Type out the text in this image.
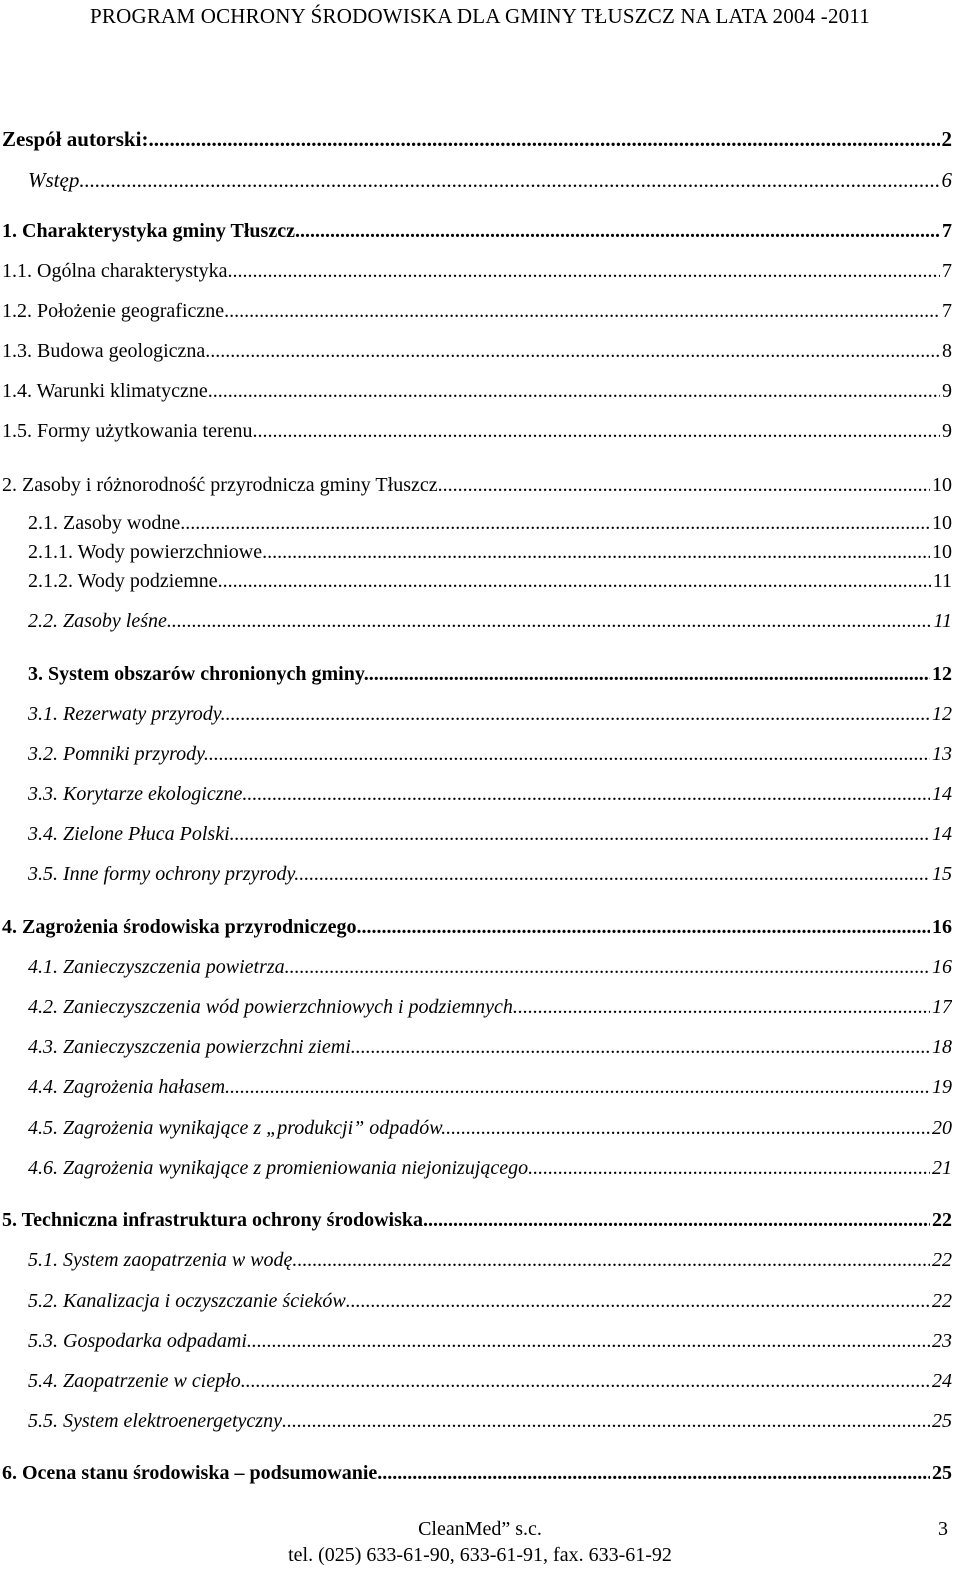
PROGRAM OCHRONY ŚRODOWISKA DLA GMINY TŁUSZCZ NA LATA 2004 -2011
Zespół autorski: .....	2
Wstęp .....	6
1. Charakterystyka gminy Tłuszcz. .....	7
1.1. Ogólna charakterystyka. .....	7
1.2. Położenie geograficzne. .....	7
1.3. Budowa geologiczna .....	8
1.4. Warunki klimatyczne. .....	9
1.5. Formy użytkowania terenu .....	9
2. Zasoby i różnorodność przyrodnicza gminy Tłuszcz. .....	10
2.1. Zasoby wodne. .....	10
2.1.1. Wody powierzchniowe. .....	10
2.1.2. Wody podziemne. .....	11
2.2. Zasoby leśne. .....	11
3. System obszarów chronionych gminy. .....	12
3.1. Rezerwaty przyrody. .....	12
3.2. Pomniki przyrody. .....	13
3.3. Korytarze ekologiczne. .....	14
3.4. Zielone Płuca Polski. .....	14
3.5. Inne formy ochrony przyrody. .....	15
4. Zagrożenia środowiska przyrodniczego. .....	16
4.1. Zanieczyszczenia powietrza. .....	16
4.2. Zanieczyszczenia wód powierzchniowych i podziemnych. .....	17
4.3. Zanieczyszczenia powierzchni ziemi. .....	18
4.4. Zagrożenia hałasem .....	19
4.5. Zagrożenia wynikające z „produkcji” odpadów. .....	20
4.6. Zagrożenia wynikające z promieniowania niejonizującego. .....	21
5. Techniczna infrastruktura ochrony środowiska. .....	22
5.1. System zaopatrzenia w wodę. .....	22
5.2. Kanalizacja i oczyszczanie ścieków .....	22
5.3. Gospodarka odpadami. .....	23
5.4. Zaopatrzenie w ciepło. .....	24
5.5. System elektroenergetyczny .....	25
6. Ocena stanu środowiska – podsumowanie. .....	25
CleanMed” s.c.	3
tel. (025) 633-61-90, 633-61-91, fax. 633-61-92
